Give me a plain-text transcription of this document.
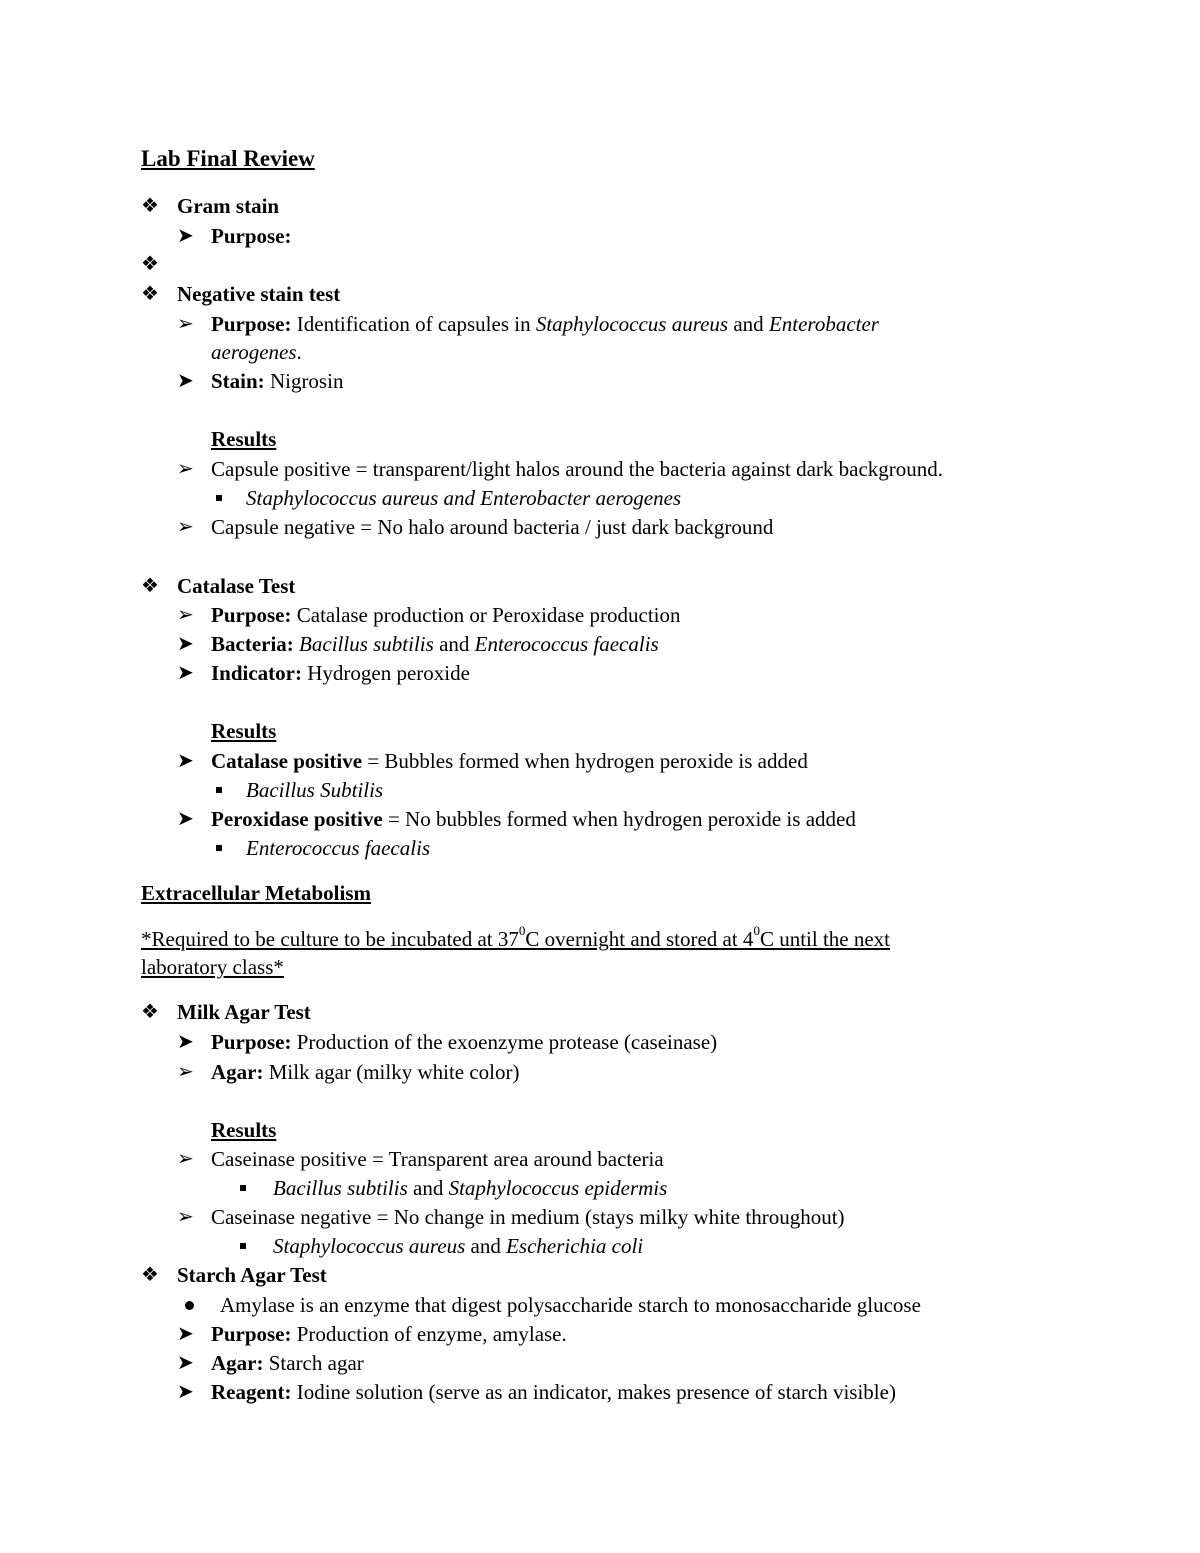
Lab Final Review
❖ Gram stain
➤ Purpose:
❖
❖ Negative stain test
➢ Purpose: Identification of capsules in Staphylococcus aureus and Enterobacter
aerogenes.
➤ Stain: Nigrosin
Results
➢ Capsule positive = transparent/light halos around the bacteria against dark background.
Staphylococcus aureus and Enterobacter aerogenes
➢ Capsule negative = No halo around bacteria / just dark background
❖ Catalase Test
➢ Purpose: Catalase production or Peroxidase production
➤ Bacteria: Bacillus subtilis and Enterococcus faecalis
➤ Indicator: Hydrogen peroxide
Results
➤ Catalase positive = Bubbles formed when hydrogen peroxide is added
Bacillus Subtilis
➤ Peroxidase positive = No bubbles formed when hydrogen peroxide is added
Enterococcus faecalis
Extracellular Metabolism
*Required to be culture to be incubated at $37^0C$ overnight and stored at $4^0C$ until the next
laboratory class*
❖ Milk Agar Test
➤ Purpose: Production of the exoenzyme protease (caseinase)
➢ Agar: Milk agar (milky white color)
Results
➢ Caseinase positive = Transparent area around bacteria
Bacillus subtilis and Staphylococcus epidermis
➢ Caseinase negative = No change in medium (stays milky white throughout)
Staphylococcus aureus and Escherichia coli
❖ Starch Agar Test
Amylase is an enzyme that digest polysaccharide starch to monosaccharide glucose
➤ Purpose: Production of enzyme, amylase.
➤ Agar: Starch agar
➤ Reagent: Iodine solution (serve as an indicator, makes presence of starch visible)
